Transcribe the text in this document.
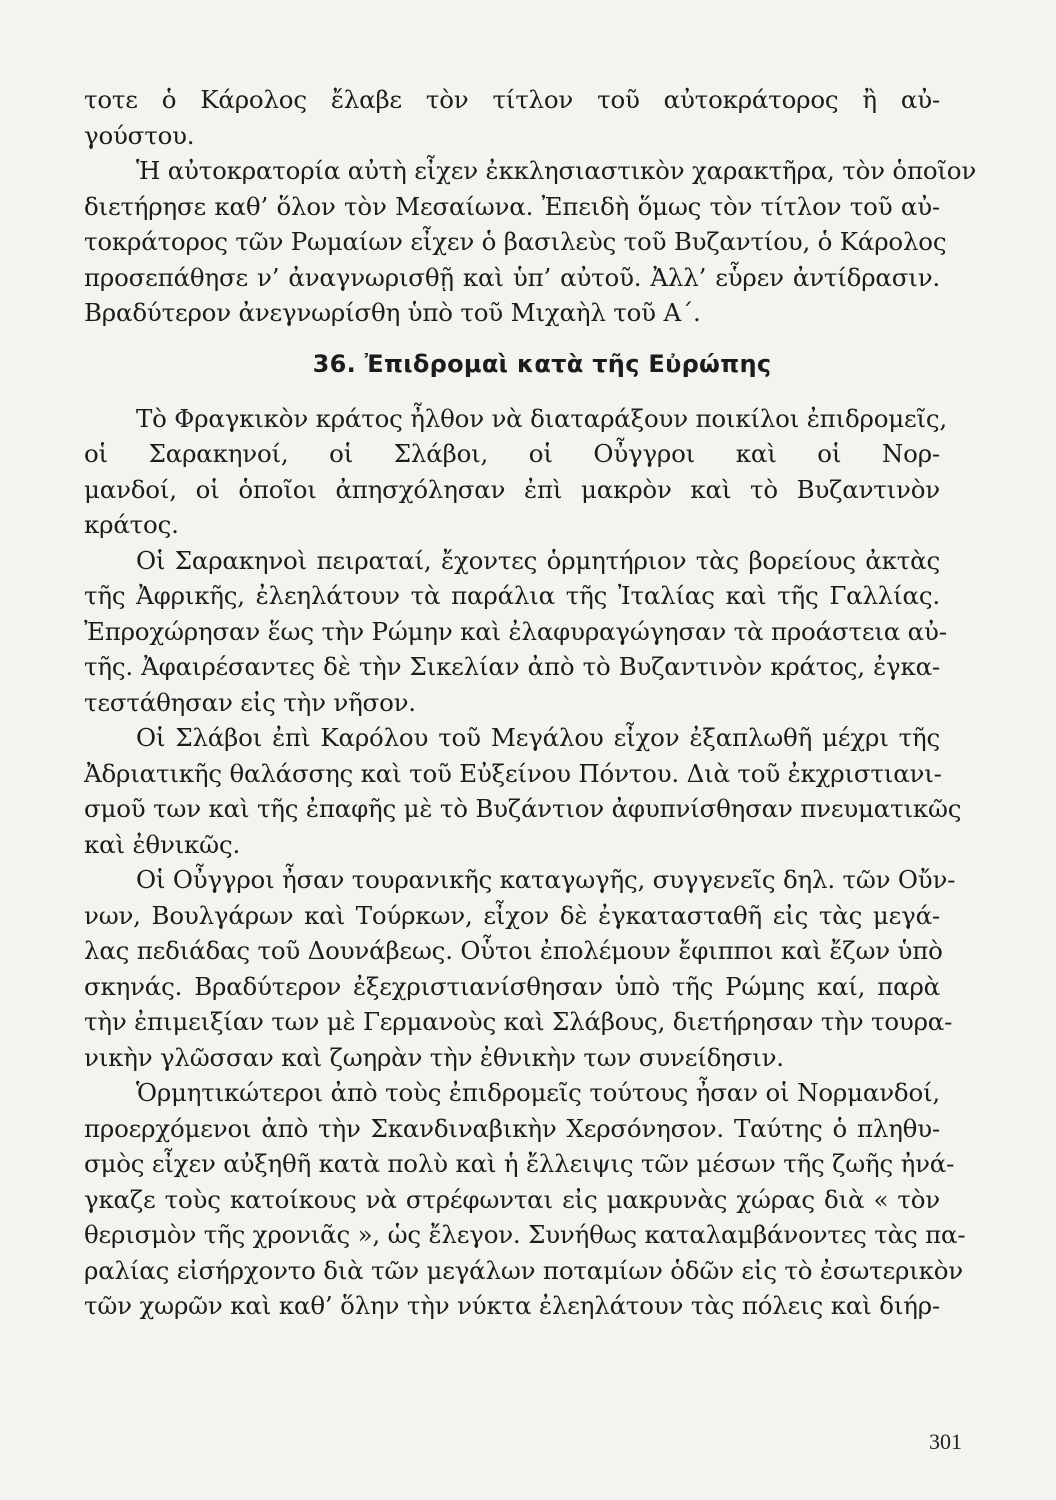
τοτε ὁ Κάρολος ἔλαβε τὸν τίτλον τοῦ αὐτοκράτορος ἢ αὐ-
γούστου.
Ἡ αὐτοκρατορία αὐτὴ εἶχεν ἐκκλησιαστικὸν χαρακτῆρα, τὸν ὁποῖον
διετήρησε καθ’ ὅλον τὸν Μεσαίωνα. Ἐπειδὴ ὅμως τὸν τίτλον τοῦ αὐ-
τοκράτορος τῶν Ρωμαίων εἶχεν ὁ βασιλεὺς τοῦ Βυζαντίου, ὁ Κάρολος
προσεπάθησε ν’ ἀναγνωρισθῇ καὶ ὑπ’ αὐτοῦ. Ἀλλ’ εὗρεν ἀντίδρασιν.
Βραδύτερον ἀνεγνωρίσθη ὑπὸ τοῦ Μιχαὴλ τοῦ Α΄.
36. Ἐπιδρομαὶ κατὰ τῆς Εὐρώπης
Τὸ Φραγκικὸν κράτος ἦλθον νὰ διαταράξουν ποικίλοι ἐπιδρομεῖς,
οἱ Σαρακηνοί, οἱ Σλάβοι, οἱ Οὖγγροι καὶ οἱ Νορ-
μανδοί, οἱ ὁποῖοι ἀπησχόλησαν ἐπὶ μακρὸν καὶ τὸ Βυζαντινὸν
κράτος.
Οἱ Σαρακηνοὶ πειραταί, ἔχοντες ὁρμητήριον τὰς βορείους ἀκτὰς
τῆς Ἀφρικῆς, ἐλεηλάτουν τὰ παράλια τῆς Ἰταλίας καὶ τῆς Γαλλίας.
Ἐπροχώρησαν ἕως τὴν Ρώμην καὶ ἐλαφυραγώγησαν τὰ προάστεια αὐ-
τῆς. Ἀφαιρέσαντες δὲ τὴν Σικελίαν ἀπὸ τὸ Βυζαντινὸν κράτος, ἐγκα-
τεστάθησαν εἰς τὴν νῆσον.
Οἱ Σλάβοι ἐπὶ Καρόλου τοῦ Μεγάλου εἶχον ἐξαπλωθῆ μέχρι τῆς
Ἀδριατικῆς θαλάσσης καὶ τοῦ Εὐξείνου Πόντου. Διὰ τοῦ ἐκχριστιανι-
σμοῦ των καὶ τῆς ἐπαφῆς μὲ τὸ Βυζάντιον ἀφυπνίσθησαν πνευματικῶς
καὶ ἐθνικῶς.
Οἱ Οὖγγροι ἦσαν τουρανικῆς καταγωγῆς, συγγενεῖς δηλ. τῶν Οὔν-
νων, Βουλγάρων καὶ Τούρκων, εἶχον δὲ ἐγκατασταθῆ εἰς τὰς μεγά-
λας πεδιάδας τοῦ Δουνάβεως. Οὗτοι ἐπολέμουν ἔφιπποι καὶ ἔζων ὑπὸ
σκηνάς. Βραδύτερον ἐξεχριστιανίσθησαν ὑπὸ τῆς Ρώμης καί, παρὰ
τὴν ἐπιμειξίαν των μὲ Γερμανοὺς καὶ Σλάβους, διετήρησαν τὴν τουρα-
νικὴν γλῶσσαν καὶ ζωηρὰν τὴν ἐθνικὴν των συνείδησιν.
Ὁρμητικώτεροι ἀπὸ τοὺς ἐπιδρομεῖς τούτους ἦσαν οἱ Νορμανδοί,
προερχόμενοι ἀπὸ τὴν Σκανδιναβικὴν Χερσόνησον. Ταύτης ὁ πληθυ-
σμὸς εἶχεν αὐξηθῆ κατὰ πολὺ καὶ ἡ ἔλλειψις τῶν μέσων τῆς ζωῆς ἠνά-
γκαζε τοὺς κατοίκους νὰ στρέφωνται εἰς μακρυνὰς χώρας διὰ « τὸν
θερισμὸν τῆς χρονιᾶς », ὡς ἔλεγον. Συνήθως καταλαμβάνοντες τὰς πα-
ραλίας εἰσήρχοντο διὰ τῶν μεγάλων ποταμίων ὁδῶν εἰς τὸ ἐσωτερικὸν
τῶν χωρῶν καὶ καθ’ ὅλην τὴν νύκτα ἐλεηλάτουν τὰς πόλεις καὶ διήρ-
301
